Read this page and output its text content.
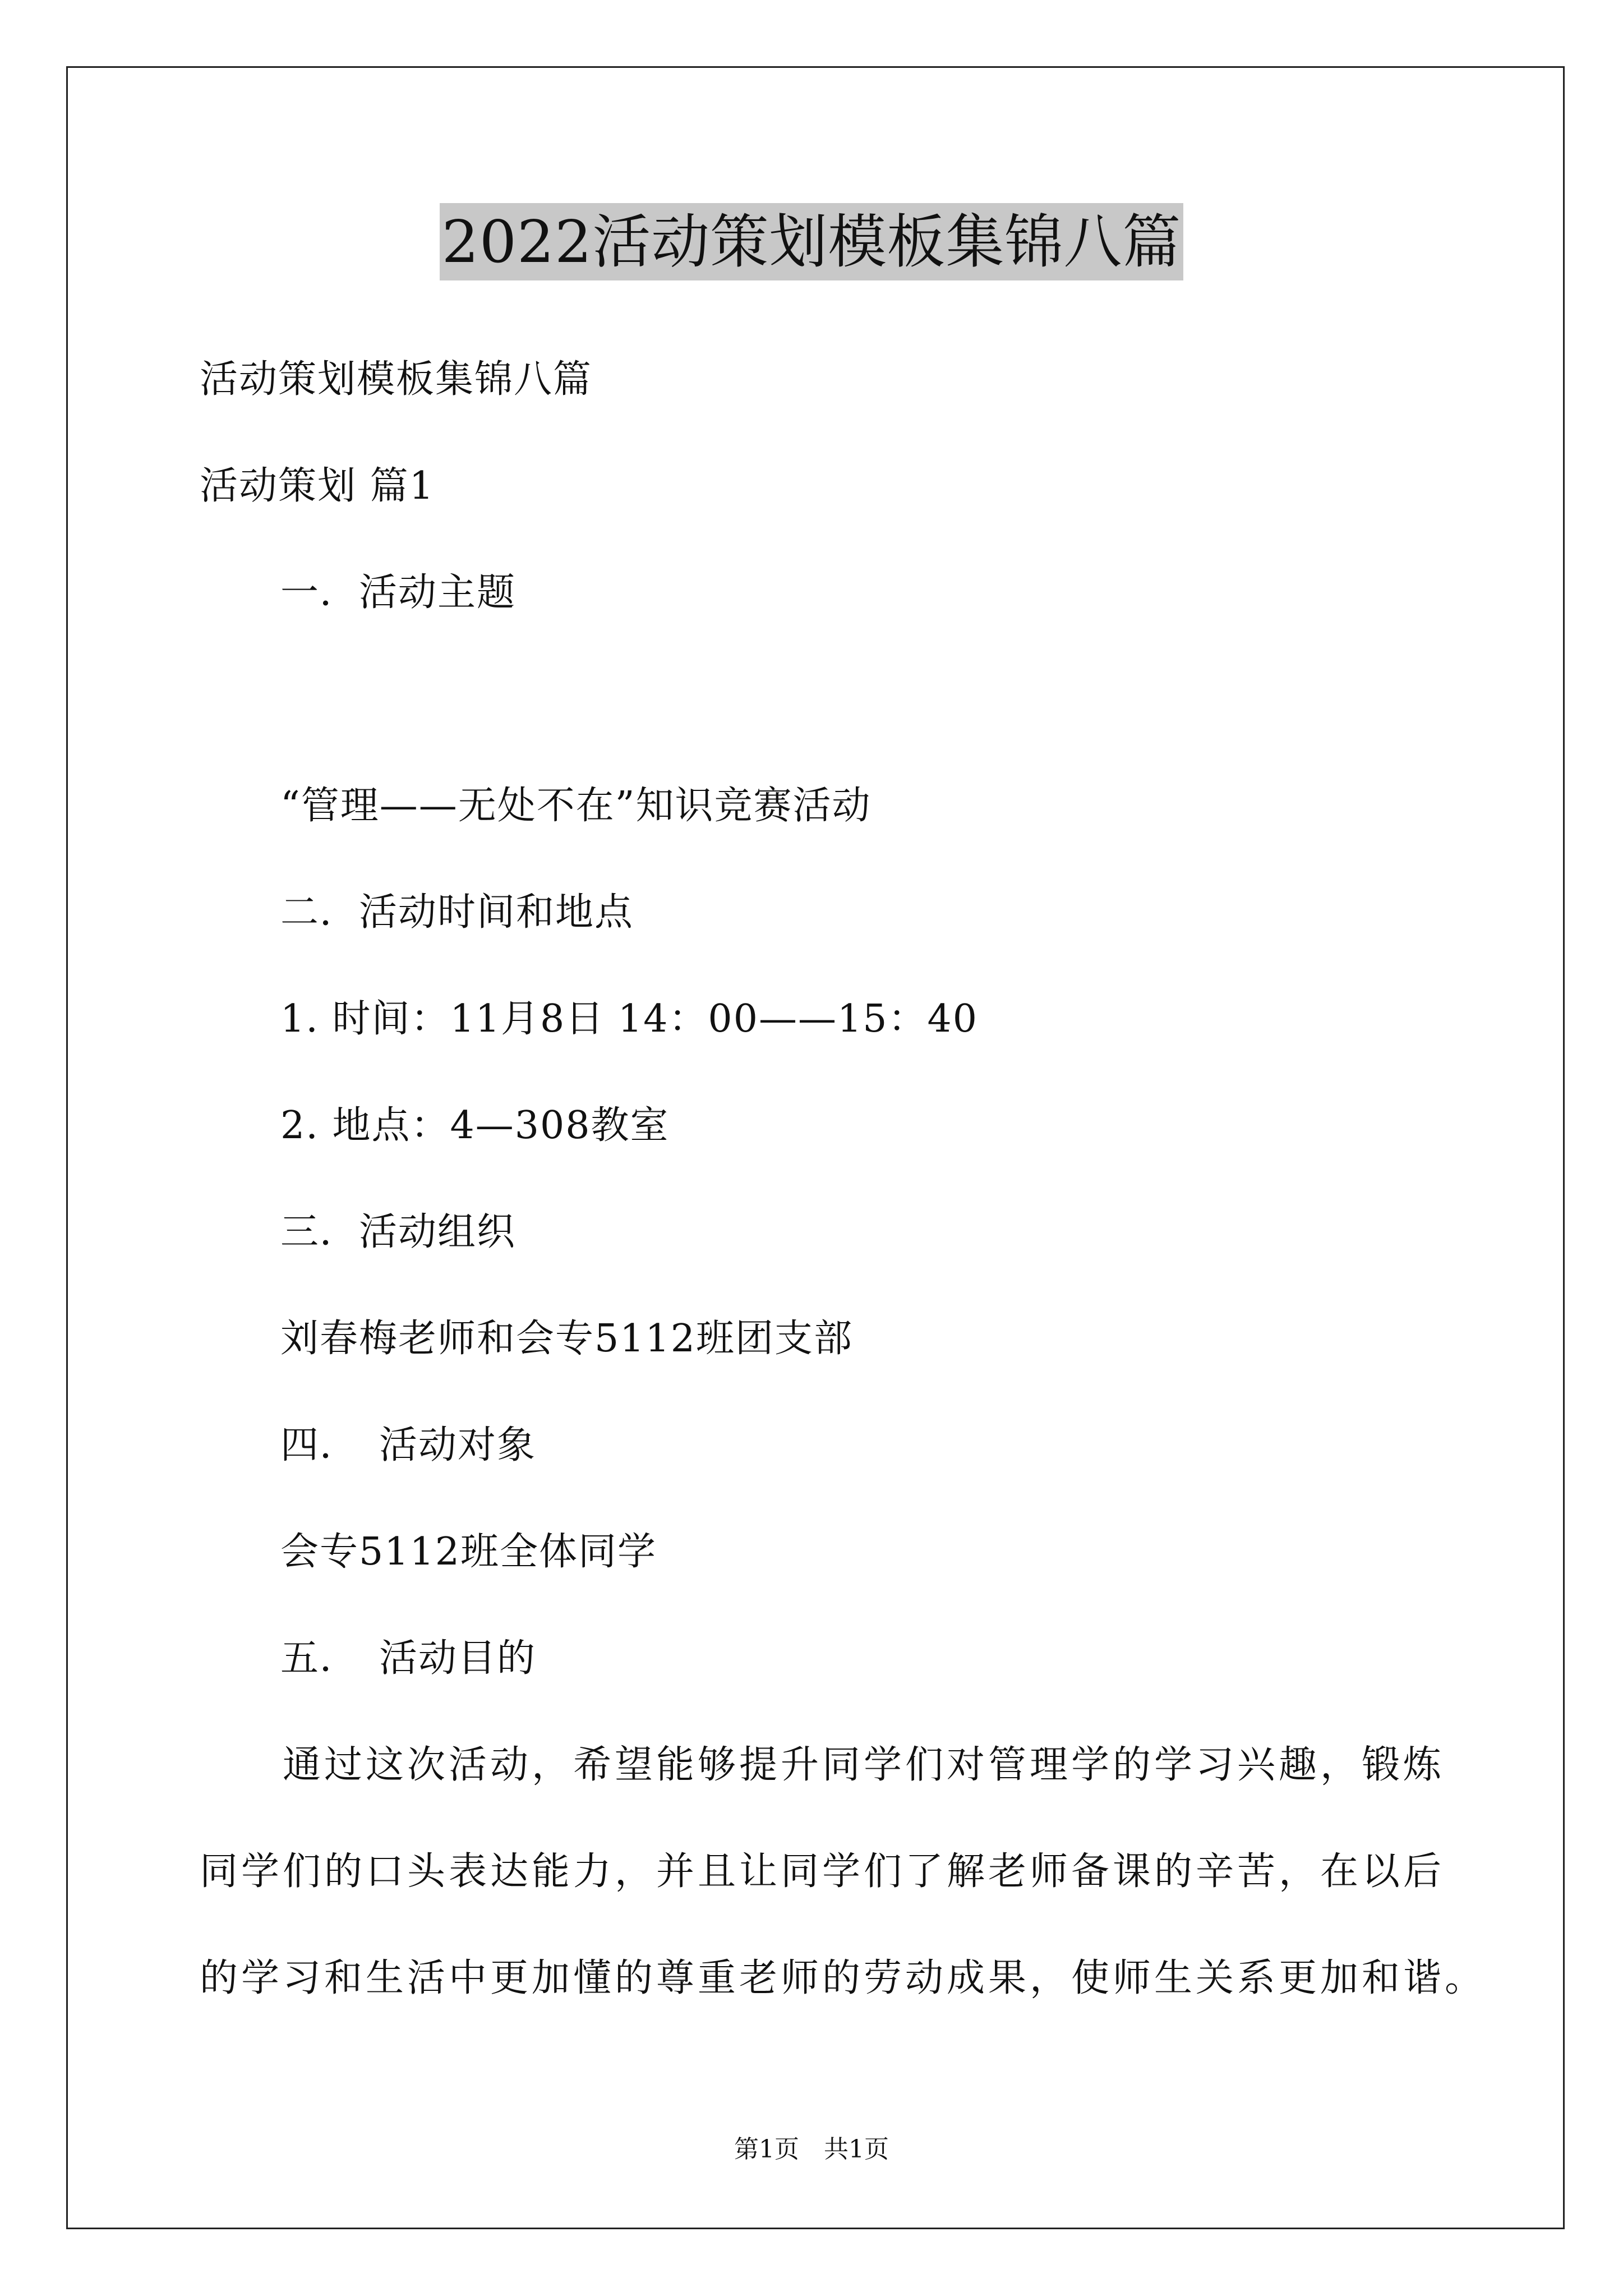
2022活动策划模板集锦八篇
活动策划模板集锦八篇
活动策划 篇1
一．活动主题
“管理——无处不在”知识竞赛活动
二．活动时间和地点
1. 时间：11月8日 14：00——15：40
2. 地点：4—308教室
三．活动组织
刘春梅老师和会专5112班团支部
四．　活动对象
会专5112班全体同学
五．　活动目的
　　通过这次活动，希望能够提升同学们对管理学的学习兴趣，锻炼
同学们的口头表达能力，并且让同学们了解老师备课的辛苦，在以后
的学习和生活中更加懂的尊重老师的劳动成果，使师生关系更加和谐。
第1页　共1页
